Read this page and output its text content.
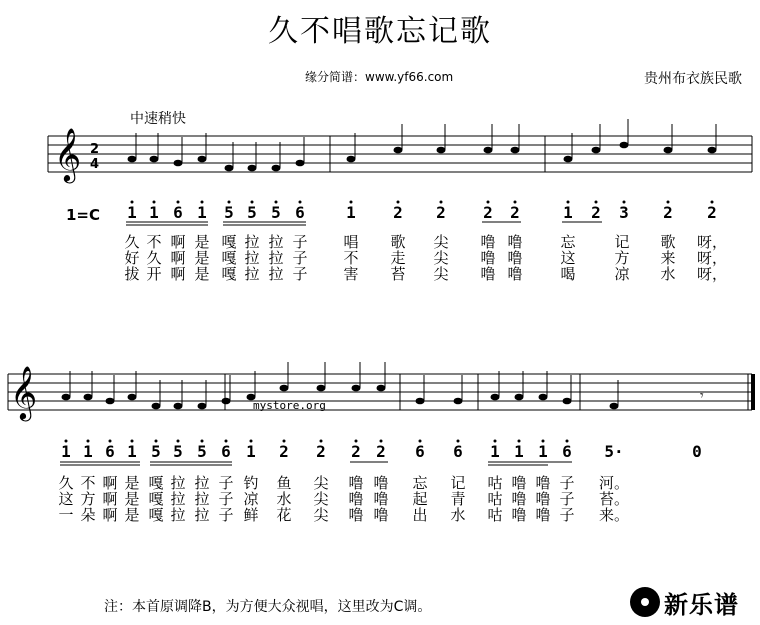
久不唱歌忘记歌
缘分简谱：www.yf66.com	贵州布衣族民歌
中速稍快
𝄞
𝄞
2
4
mystore.org
𝄾
1=C 1 1 6 1 5 5 5 6	1 2 2 2 2	1 2 3 2 2
久 不 啊 是 嘎 拉 拉 子 唱 歌 尖 噜 噜	忘	记 歌 呀，
好 久 啊 是 嘎 拉 拉 子 不 走 尖 噜 噜	这	方 来 呀，
拔 开 啊 是 嘎 拉 拉 子 害 苔 尖 噜 噜	喝	凉 水 呀，
1 1 6 1 5 5 5 6 1 2 2 2 2 6 6 1 1 1 6 5·	0
久 不 啊 是 嘎 拉 拉 子 钓 鱼 尖 噜 噜 忘 记 咕 噜 噜 子 河。
这 方 啊 是 嘎 拉 拉 子 凉 水 尖 噜 噜 起 青 咕 噜 噜 子 苔。
一 朵 啊 是 嘎 拉 拉 子 鲜 花 尖 噜 噜 出 水 咕 噜 噜 子 来。
注：本首原调降B，为方便大众视唱，这里改为C调。	新乐谱
